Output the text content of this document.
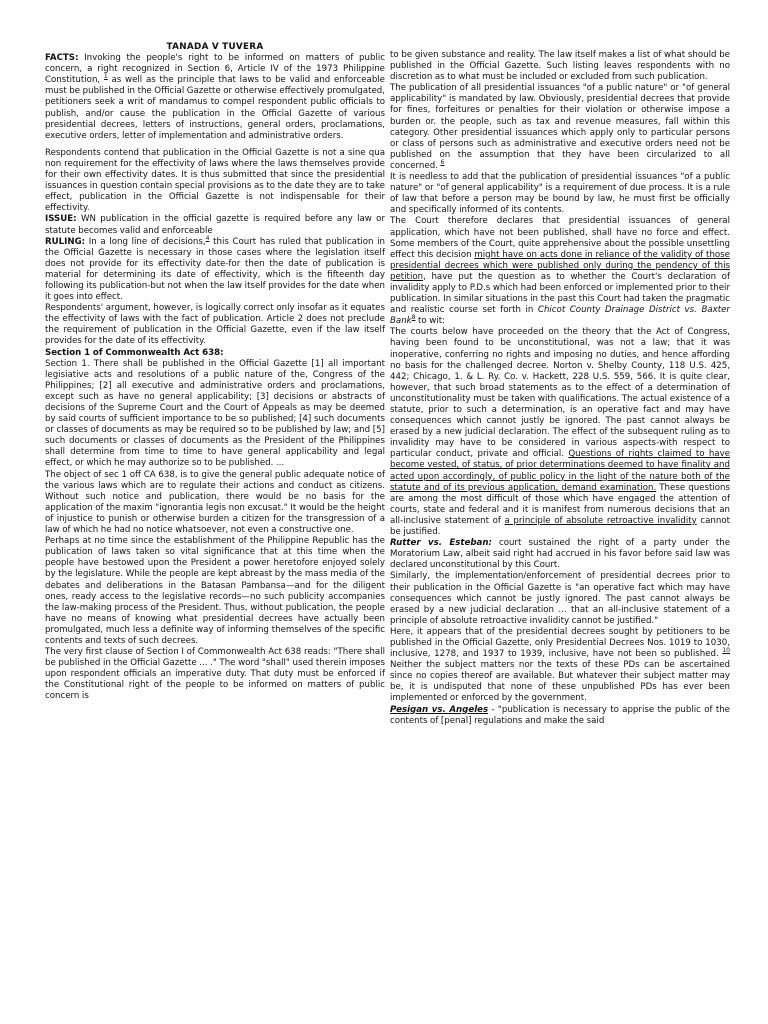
TANADA V TUVERA

FACTS: Invoking the people's right to be informed on matters of public concern, a right recognized in Section 6, Article IV of the 1973 Philippine Constitution, $^1$ as well as the principle that laws to be valid and enforceable must be published in the Official Gazette or otherwise effectively promulgated, petitioners seek a writ of mandamus to compel respondent public officials to publish, and/or cause the publication in the Official Gazette of various presidential decrees, letters of instructions, general orders, proclamations, executive orders, letter of implementation and administrative orders.

Respondents contend that publication in the Official Gazette is not a sine qua non requirement for the effectivity of laws where the laws themselves provide for their own effectivity dates. It is thus submitted that since the presidential issuances in question contain special provisions as to the date they are to take effect, publication in the Official Gazette is not indispensable for their effectivity.

ISSUE: WN publication in the official gazette is required before any law or statute becomes valid and enforceable

RULING: In a long line of decisions,$^4$ this Court has ruled that publication in the Official Gazette is necessary in those cases where the legislation itself does not provide for its effectivity date-for then the date of publication is material for determining its date of effectivity, which is the fifteenth day following its publication-but not when the law itself provides for the date when it goes into effect.

Respondents' argument, however, is logically correct only insofar as it equates the effectivity of laws with the fact of publication. Article 2 does not preclude the requirement of publication in the Official Gazette, even if the law itself provides for the date of its effectivity.

Section 1 of Commonwealth Act 638:

Section 1. There shall be published in the Official Gazette [1] all important legisiative acts and resolutions of a public nature of the, Congress of the Philippines; [2] all executive and administrative orders and proclamations, except such as have no general applicability; [3] decisions or abstracts of decisions of the Supreme Court and the Court of Appeals as may be deemed by said courts of sufficient importance to be so published; [4] such documents or classes of documents as may be required so to be published by law; and [5] such documents or classes of documents as the President of the Philippines shall determine from time to time to have general applicability and legal effect, or which he may authorize so to be published. ...

The object of sec 1 off CA 638, is to give the general public adequate notice of the various laws which are to regulate their actions and conduct as citizens. Without such notice and publication, there would be no basis for the application of the maxim "ignorantia legis non excusat." It would be the height of injustice to punish or otherwise burden a citizen for the transgression of a law of which he had no notice whatsoever, not even a constructive one.

Perhaps at no time since the establishment of the Philippine Republic has the publication of laws taken so vital significance that at this time when the people have bestowed upon the President a power heretofore enjoyed solely by the legislature. While the people are kept abreast by the mass media of the debates and deliberations in the Batasan Pambansa—and for the diligent ones, ready access to the legislative records—no such publicity accompanies the law-making process of the President. Thus, without publication, the people have no means of knowing what presidential decrees have actually been promulgated, much less a definite way of informing themselves of the specific contents and texts of such decrees.

The very first clause of Section I of Commonwealth Act 638 reads: "There shall be published in the Official Gazette ... ." The word "shall" used therein imposes upon respondent officials an imperative duty. That duty must be enforced if the Constitutional right of the people to be informed on matters of public concern is

to be given substance and reality. The law itself makes a list of what should be published in the Official Gazette. Such listing leaves respondents with no discretion as to what must be included or excluded from such publication.

The publication of all presidential issuances "of a public nature" or "of general applicability" is mandated by law. Obviously, presidential decrees that provide for fines, forfeitures or penalties for their violation or otherwise impose a burden or. the people, such as tax and revenue measures, fall within this category. Other presidential issuances which apply only to particular persons or class of persons such as administrative and executive orders need not be published on the assumption that they have been circularized to all concerned. $^6$

It is needless to add that the publication of presidential issuances "of a public nature" or "of general applicability" is a requirement of due process. It is a rule of law that before a person may be bound by law, he must first be officially and specifically informed of its contents.

The Court therefore declares that presidential issuances of general application, which have not been published, shall have no force and effect. Some members of the Court, quite apprehensive about the possible unsettling effect this decision might have on acts done in reliance of the validity of those presidential decrees which were published only during the pendency of this petition, have put the question as to whether the Court's declaration of invalidity apply to P.D.s which had been enforced or implemented prior to their publication. In similar situations in the past this Court had taken the pragmatic and realistic course set forth in Chicot County Drainage District vs. Baxter Bank$^8$ to wit:

The courts below have proceeded on the theory that the Act of Congress, having been found to be unconstitutional, was not a law; that it was inoperative, conferring no rights and imposing no duties, and hence affording no basis for the challenged decree. Norton v. Shelby County, 118 U.S. 425, 442; Chicago, 1. & L. Ry. Co. v. Hackett, 228 U.S. 559, 566. It is quite clear, however, that such broad statements as to the effect of a determination of unconstitutionality must be taken with qualifications. The actual existence of a statute, prior to such a determination, is an operative fact and may have consequences which cannot justly be ignored. The past cannot always be erased by a new judicial declaration. The effect of the subsequent ruling as to invalidity may have to be considered in various aspects-with respect to particular conduct, private and official. Questions of rights claimed to have become vested, of status, of prior determinations deemed to have finality and acted upon accordingly, of public policy in the light of the nature both of the statute and of its previous application, demand examination. These questions are among the most difficult of those which have engaged the attention of courts, state and federal and it is manifest from numerous decisions that an all-inclusive statement of a principle of absolute retroactive invalidity cannot be justified.

Rutter vs. Esteban: court sustained the right of a party under the Moratorium Law, albeit said right had accrued in his favor before said law was declared unconstitutional by this Court.

Similarly, the implementation/enforcement of presidential decrees prior to their publication in the Official Gazette is "an operative fact which may have consequences which cannot be justly ignored. The past cannot always be erased by a new judicial declaration ... that an all-inclusive statement of a principle of absolute retroactive invalidity cannot be justified."

Here, it appears that of the presidential decrees sought by petitioners to be published in the Official Gazette, only Presidential Decrees Nos. 1019 to 1030, inclusive, 1278, and 1937 to 1939, inclusive, have not been so published. $^{10}$ Neither the subject matters nor the texts of these PDs can be ascertained since no copies thereof are available. But whatever their subject matter may be, it is undisputed that none of these unpublished PDs has ever been implemented or enforced by the government.

Pesigan vs. Angeles - "publication is necessary to apprise the public of the contents of [penal] regulations and make the said
